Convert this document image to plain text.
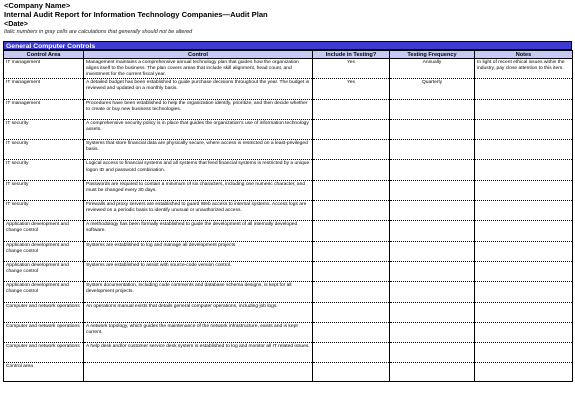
<Company Name>
Internal Audit Report for Information Technology Companies—Audit Plan
<Date>
Italic numbers in gray cells are calculations that generally should not be altered
General Computer Controls
Control Area	Control	Include in Testing?	Testing Frequency	Notes
IT management	Management maintains a comprehensive annual technology plan that guides how the organization aligns itself to the business. The plan covers areas that include skill alignment, head count, and investment for the current fiscal year.	Yes	Annually	In light of recent ethical issues within the industry, pay close attention to this item.
IT management	A detailed budget has been established to guide purchase decisions throughout the year. The budget is reviewed and updated on a monthly basis.	Yes	Quarterly	
IT management	Procedures have been established to help the organization identify, prioritize, and then decide whether to create or buy new business technologies.			
IT security	A comprehensive security policy is in place that guides the organization’s use of information technology assets.			
IT security	Systems that store financial data are physically secure, where access is restricted on a least-privileged basis.			
IT security	Logical access to financial systems and all systems that feed financial systems is restricted by a unique logon ID and password combination.			
IT security	Passwords are required to contain a minimum of six characters, including one numeric character, and must be changed every 30 days.			
IT security	Firewalls and proxy servers are established to guard Web access to internal systems. Access logs are reviewed on a periodic basis to identify unusual or unauthorized access.			
Application development and change control	A methodology has been formally established to guide the development of all internally developed software.			
Application development and change control	Systems are established to log and manage all development projects.			
Application development and change control	Systems are established to assist with source-code version control.			
Application development and change control	System documentation, including code comments and database schema designs, is kept for all development projects.			
Computer and network operations	An operations manual exists that details general computer operations, including job logs.			
Computer and network operations	A network topology, which guides the maintenance of the network infrastructure, exists and is kept current.			
Computer and network operations	A help desk and/or customer service desk system is established to log and monitor all IT related issues.			
Control area				
